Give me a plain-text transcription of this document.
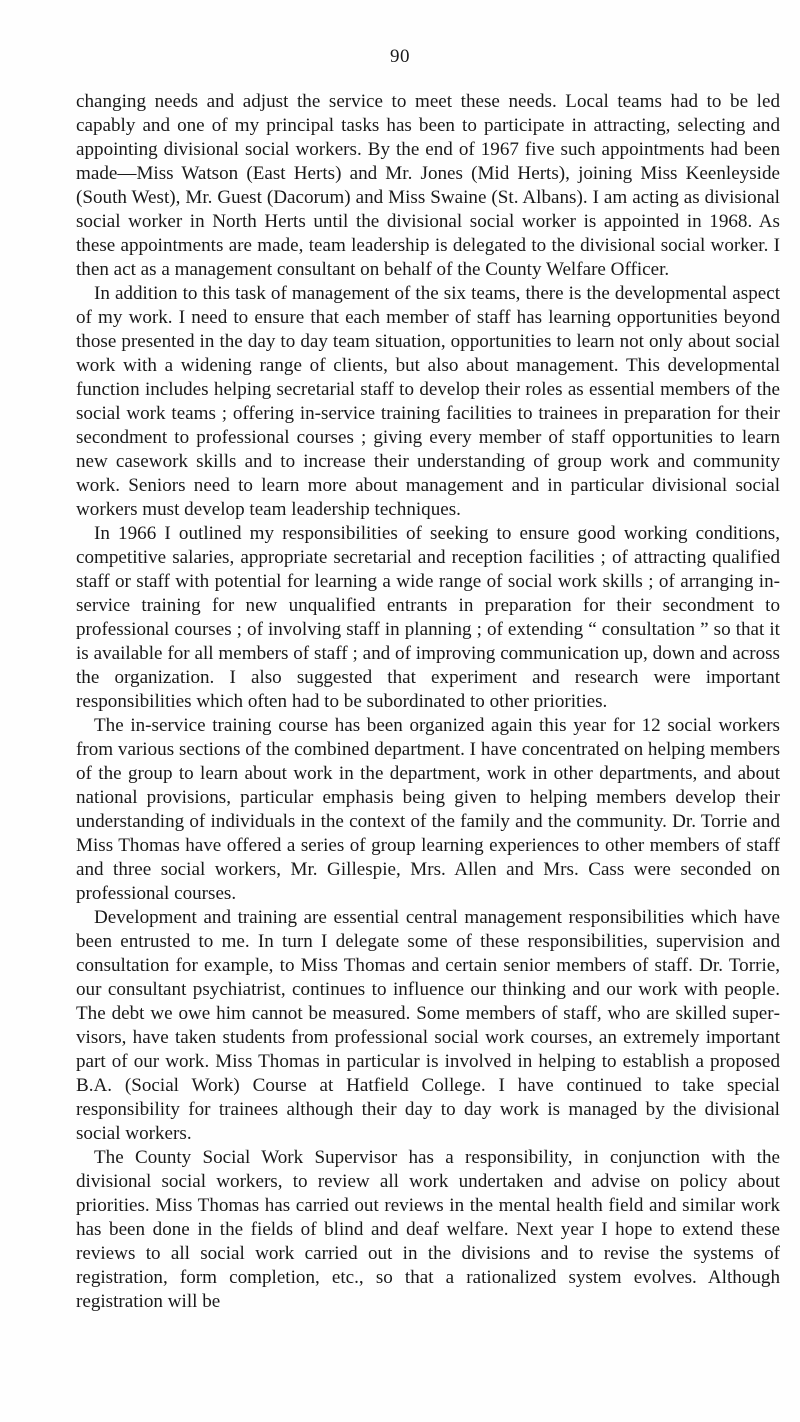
90

changing needs and adjust the service to meet these needs. Local teams had to be led capably and one of my principal tasks has been to participate in attracting, selecting and appointing divisional social workers. By the end of 1967 five such appointments had been made—Miss Watson (East Herts) and Mr. Jones (Mid Herts), joining Miss Keenleyside (South West), Mr. Guest (Dacorum) and Miss Swaine (St. Albans). I am acting as divisional social worker in North Herts until the divisional social worker is appointed in 1968. As these appointments are made, team leadership is delegated to the divisional social worker. I then act as a management consultant on behalf of the County Welfare Officer.

In addition to this task of management of the six teams, there is the developmental aspect of my work. I need to ensure that each member of staff has learning opportunities beyond those presented in the day to day team situation, opportunities to learn not only about social work with a widening range of clients, but also about management. This developmental function includes helping secretarial staff to develop their roles as essential members of the social work teams ; offering in-service training facilities to trainees in preparation for their secondment to professional courses ; giving every member of staff opportunities to learn new casework skills and to increase their understanding of group work and community work. Seniors need to learn more about management and in particular divisional social workers must develop team leadership techniques.

In 1966 I outlined my responsibilities of seeking to ensure good working conditions, competitive salaries, appropriate secretarial and reception facilities ; of attracting qualified staff or staff with potential for learning a wide range of social work skills ; of arranging in-service training for new unqualified entrants in preparation for their secondment to professional courses ; of involving staff in planning ; of extending “ consultation ” so that it is available for all members of staff ; and of improving communication up, down and across the organization. I also suggested that experiment and research were important responsibilities which often had to be subordinated to other priorities.

The in-service training course has been organized again this year for 12 social workers from various sections of the combined department. I have concentrated on helping members of the group to learn about work in the department, work in other departments, and about national provisions, particular emphasis being given to helping members develop their understanding of individuals in the context of the family and the community. Dr. Torrie and Miss Thomas have offered a series of group learning experiences to other members of staff and three social workers, Mr. Gillespie, Mrs. Allen and Mrs. Cass were seconded on professional courses.

Development and training are essential central management responsibilities which have been entrusted to me. In turn I delegate some of these responsibilities, supervision and consultation for example, to Miss Thomas and certain senior members of staff. Dr. Torrie, our consultant psychiatrist, continues to influence our thinking and our work with people. The debt we owe him cannot be measured. Some members of staff, who are skilled supervisors, have taken students from professional social work courses, an extremely important part of our work. Miss Thomas in particular is involved in helping to establish a proposed B.A. (Social Work) Course at Hatfield College. I have continued to take special responsibility for trainees although their day to day work is managed by the divisional social workers.

The County Social Work Supervisor has a responsibility, in conjunction with the divisional social workers, to review all work undertaken and advise on policy about priorities. Miss Thomas has carried out reviews in the mental health field and similar work has been done in the fields of blind and deaf welfare. Next year I hope to extend these reviews to all social work carried out in the divisions and to revise the systems of registration, form completion, etc., so that a rationalized system evolves. Although registration will be
